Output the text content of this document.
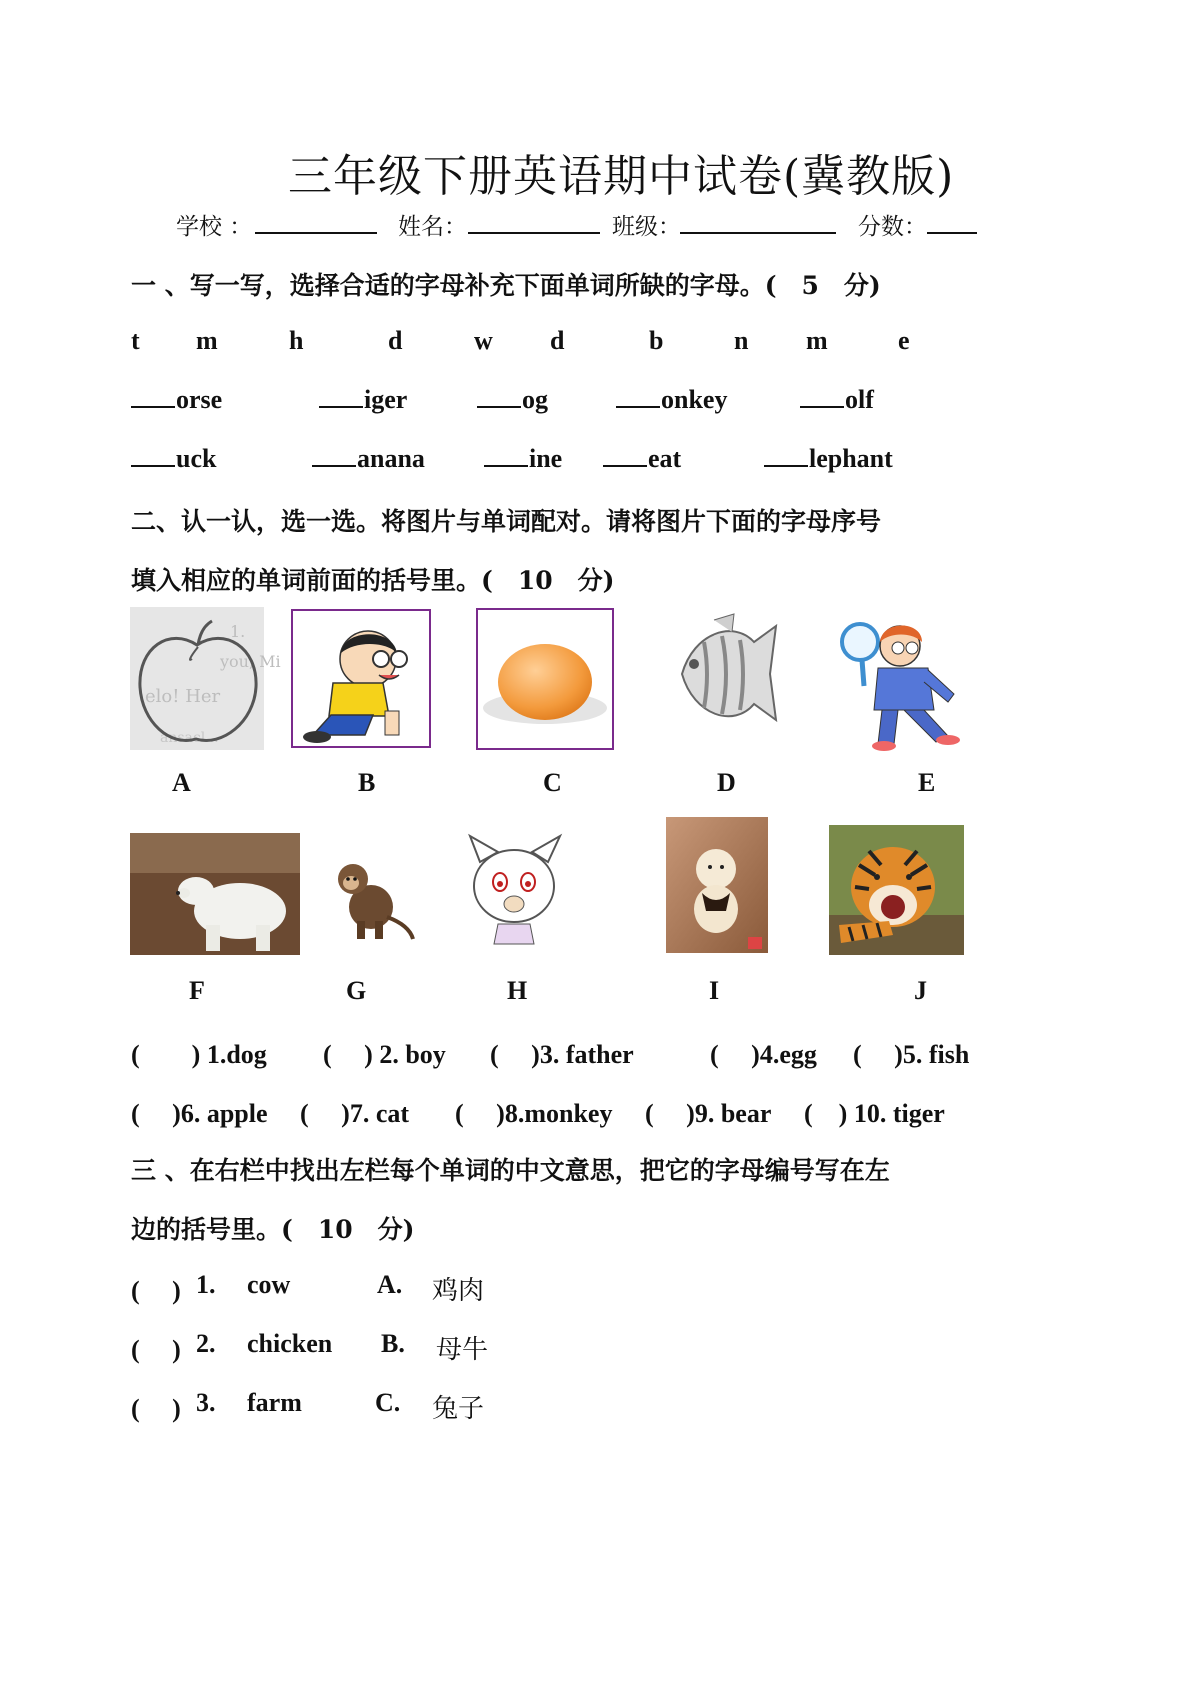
三年级下册英语期中试卷(冀教版)
学校 ：	姓名：	班级：	分数：
一 、写一写，选择合适的字母补充下面单词所缺的字母。(　5　分)
t m	h	d	w d	b	n m	e
orse	iger	og	onkey	olf
uck	anana	ine	eat	lephant
二、认一认，选一选。将图片与单词配对。请将图片下面的字母序号
填入相应的单词前面的括号里。(　10　分)
1.
you, Mi
elo! Her
ansacl...
A	B	C	D	E
F	G	H	I	J
(　　) 1.dog (　 ) 2. boy (　 )3. father	(　 )4.egg (　 )5. fish
(　 )6. apple (　 )7. cat (　 )8.monkey (　 )9. bear (　) 10. tiger
三 、在右栏中找出左栏每个单词的中文意思，把它的字母编号写在左
边的括号里。(　10　分)
(　 ) 1. cow	A. 鸡肉
(　 ) 2. chicken B. 母牛
(　 ) 3. farm	C. 兔子
